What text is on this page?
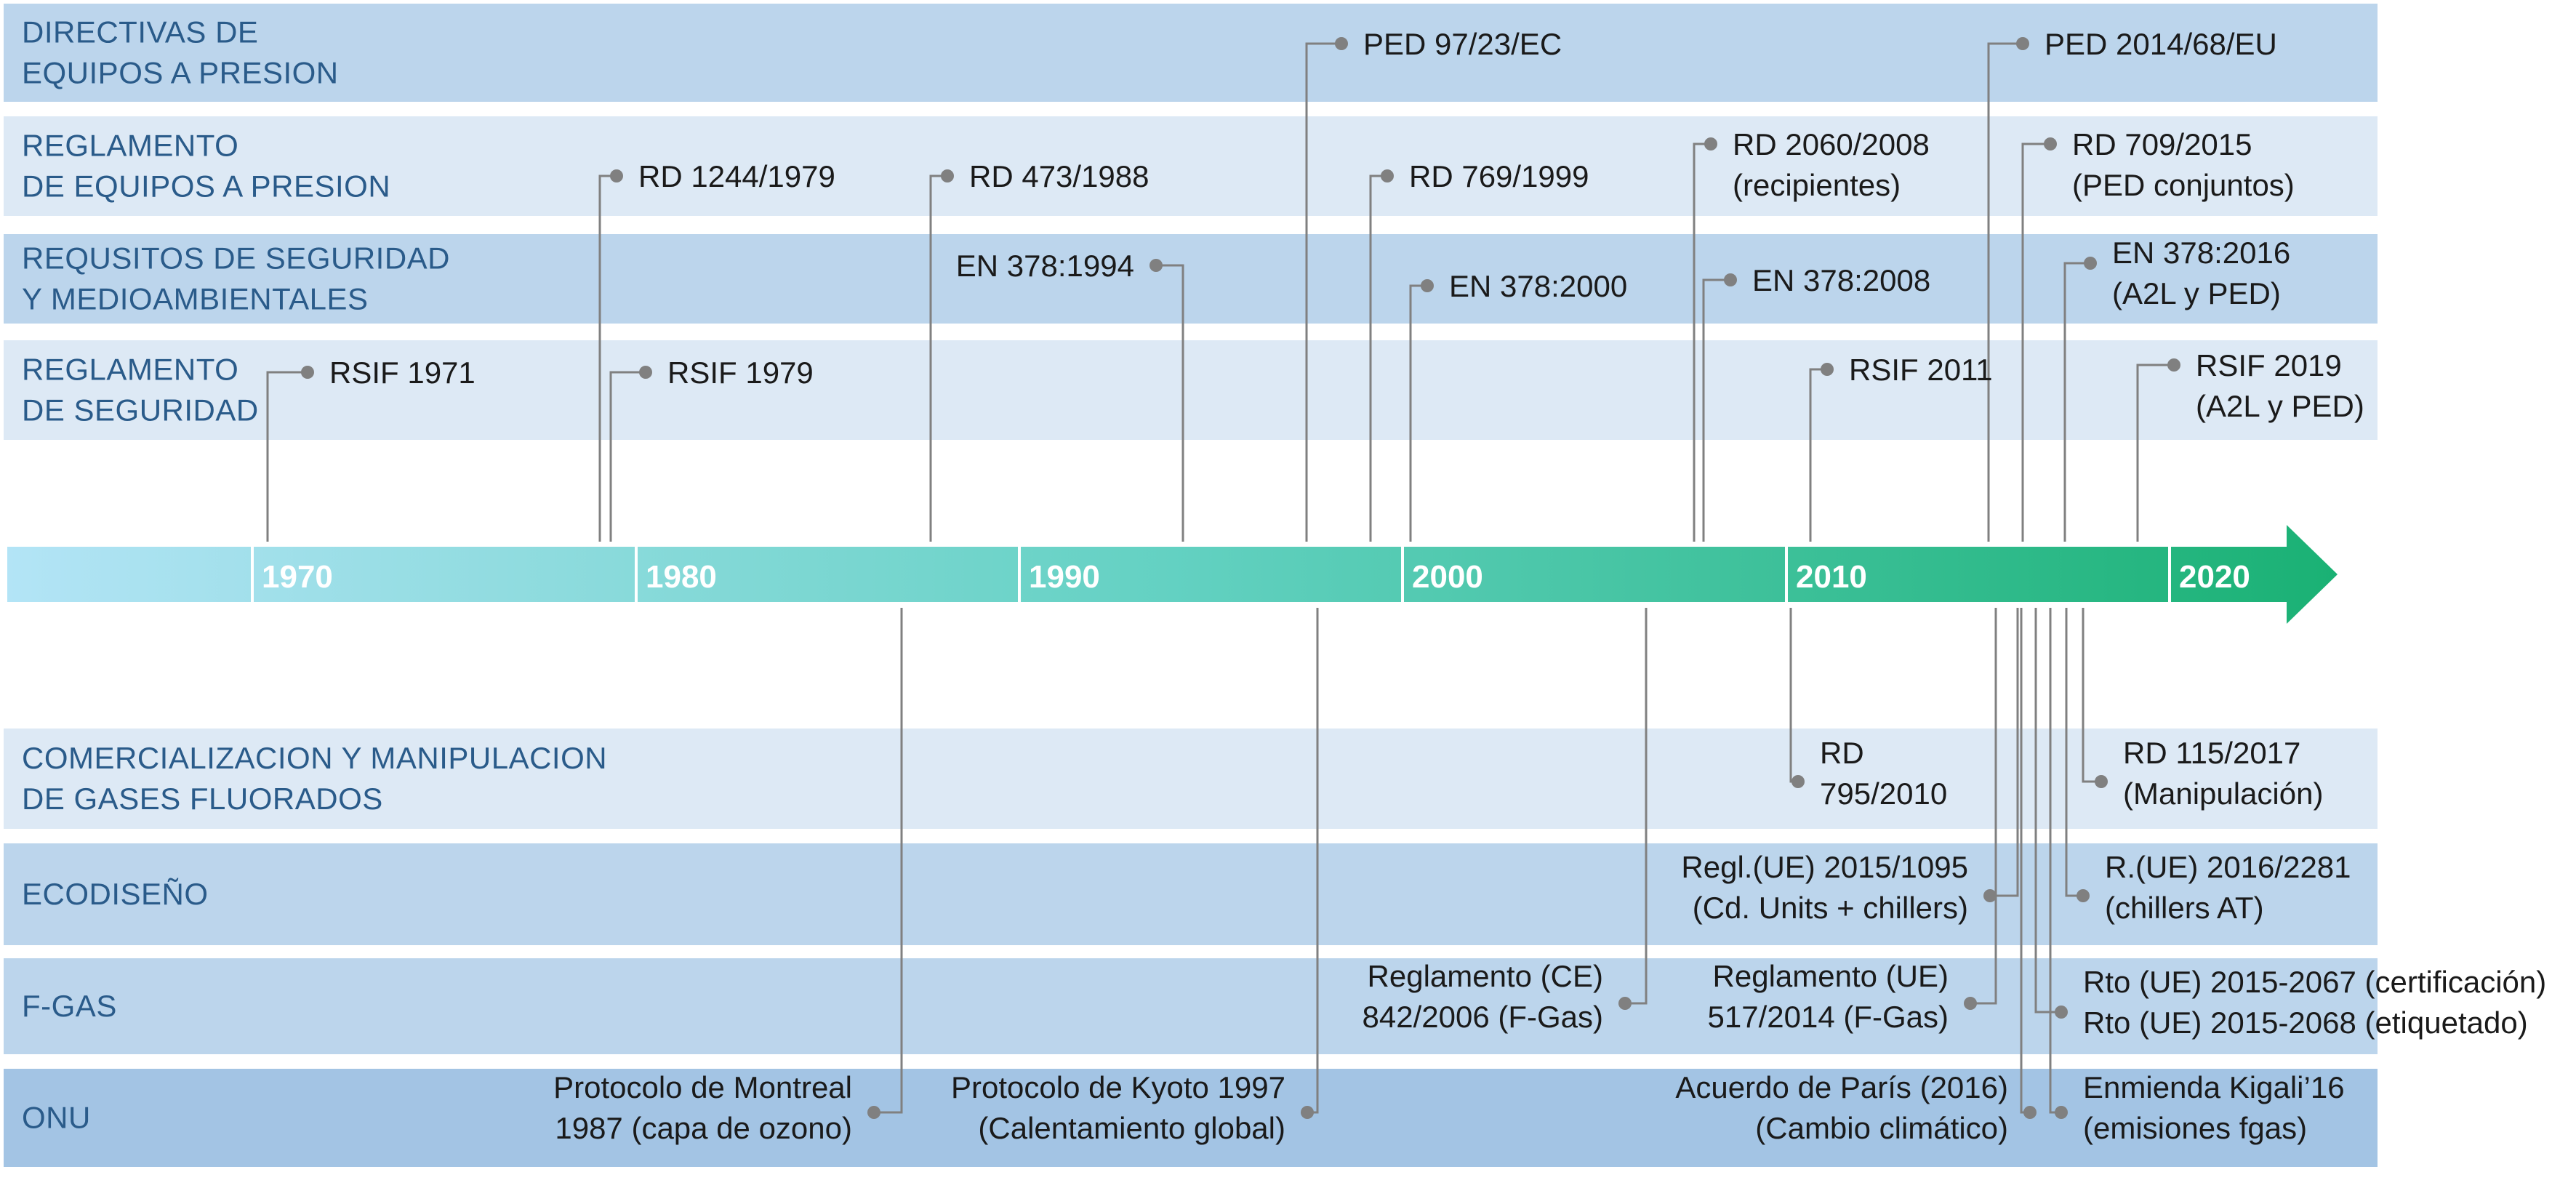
DIRECTIVAS DE EQUIPOS A PRESION
REGLAMENTO DE EQUIPOS A PRESION
REQUSITOS DE SEGURIDAD Y MEDIOAMBIENTALES
REGLAMENTO DE SEGURIDAD
COMERCIALIZACION Y MANIPULACION DE GASES FLUORADOS
ECODISEÑO
F-GAS
ONU
1970	1980	1990	2000	2010	2020
PED 97/23/EC	PED 2014/68/EU
RD 1244/1979	RD 473/1988	RD 769/1999
RD 2060/2008 (recipientes)
RD 709/2015 (PED conjuntos)
EN 378:1994
EN 378:2000	EN 378:2008
EN 378:2016 (A2L y PED)
RSIF 1971	RSIF 1979	RSIF 2011	RSIF 2019 (A2L y PED)
RD 795/2010
RD 115/2017 (Manipulación)
Regl.(UE) 2015/1095 (Cd. Units + chillers)
R.(UE) 2016/2281 (chillers AT)
Reglamento (CE) 842/2006 (F-Gas)
Reglamento (UE) 517/2014 (F-Gas)
Rto (UE) 2015-2067 (certificación) Rto (UE) 2015-2068 (etiquetado)
Protocolo de Montreal 1987 (capa de ozono)
Protocolo de Kyoto 1997 (Calentamiento global)
Acuerdo de París (2016) (Cambio climático)
Enmienda Kigali’16 (emisiones fgas)
